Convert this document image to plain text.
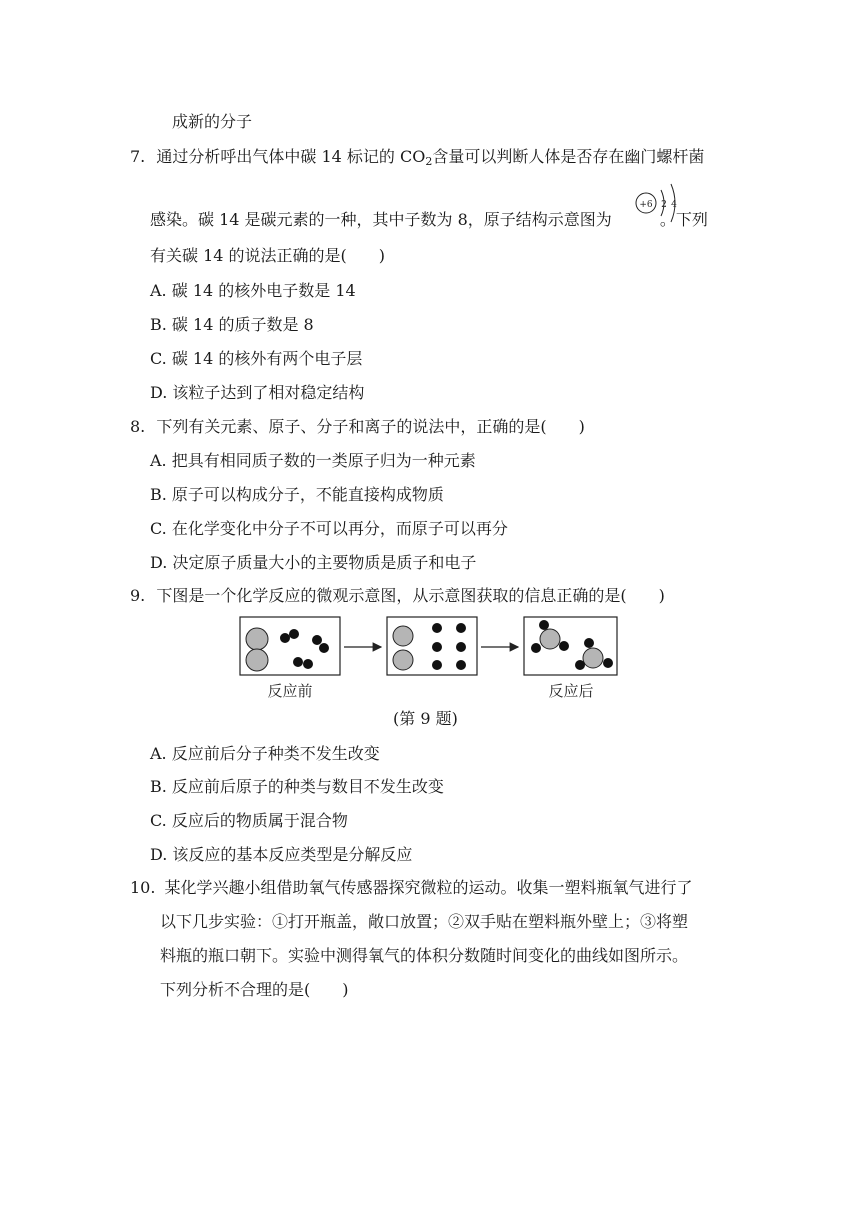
成新的分子
7. 通过分析呼出气体中碳 14 标记的 $CO_2$含量可以判断人体是否存在幽门螺杆菌
感染。碳 14 是碳元素的一种，其中子数为 8，原子结构示意图为	。下列
+6 2 4
有关碳 14 的说法正确的是(　　)
A. 碳 14 的核外电子数是 14
B. 碳 14 的质子数是 8
C. 碳 14 的核外有两个电子层
D. 该粒子达到了相对稳定结构
8. 下列有关元素、原子、分子和离子的说法中，正确的是(　　)
A. 把具有相同质子数的一类原子归为一种元素
B. 原子可以构成分子，不能直接构成物质
C. 在化学变化中分子不可以再分，而原子可以再分
D. 决定原子质量大小的主要物质是质子和电子
9. 下图是一个化学反应的微观示意图，从示意图获取的信息正确的是(　　)
反应前	反应后
(第 9 题)
A. 反应前后分子种类不发生改变
B. 反应前后原子的种类与数目不发生改变
C. 反应后的物质属于混合物
D. 该反应的基本反应类型是分解反应
10. 某化学兴趣小组借助氧气传感器探究微粒的运动。收集一塑料瓶氧气进行了
以下几步实验：①打开瓶盖，敞口放置；②双手贴在塑料瓶外壁上；③将塑
料瓶的瓶口朝下。实验中测得氧气的体积分数随时间变化的曲线如图所示。
下列分析不合理的是(　　)
